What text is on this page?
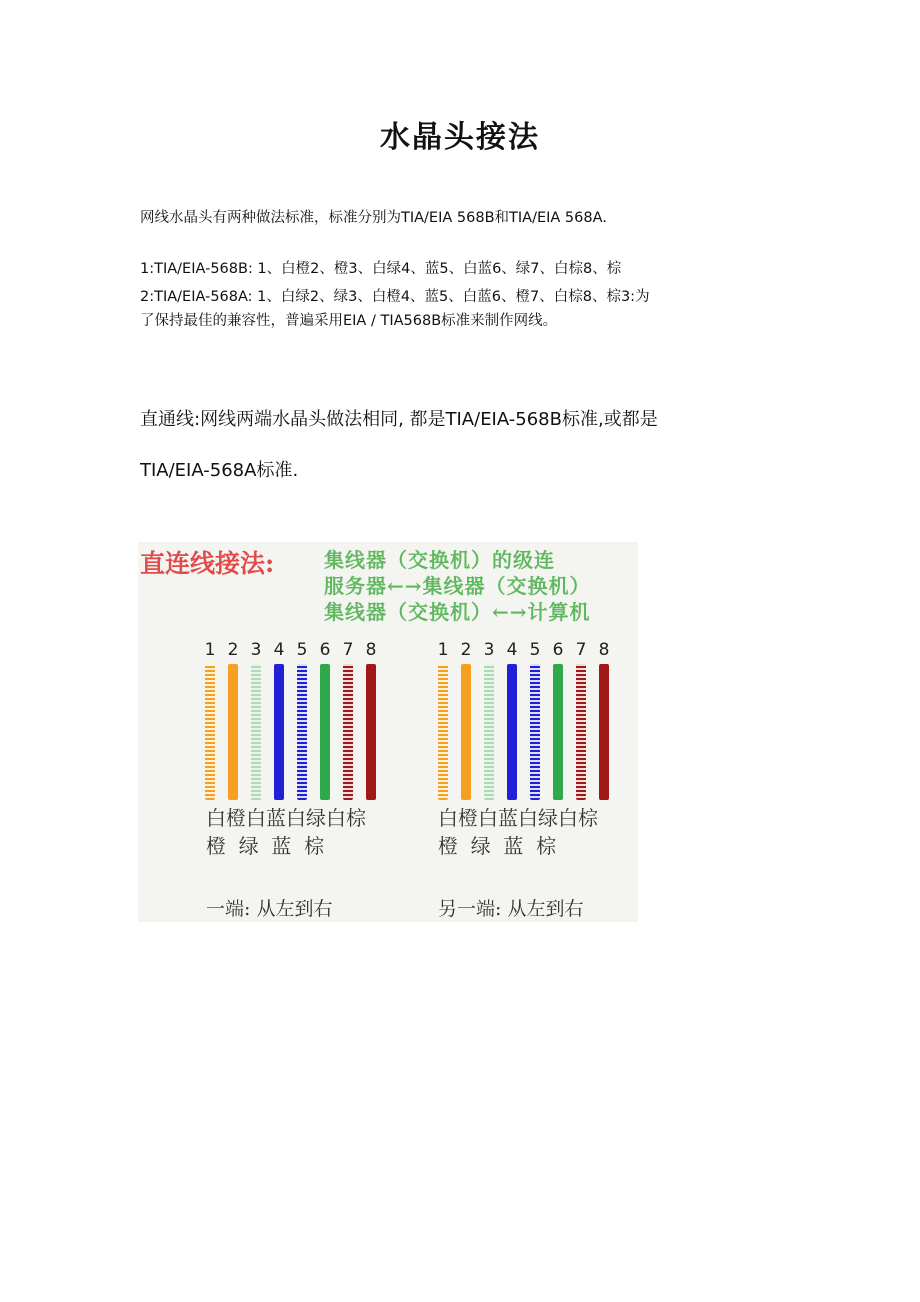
水晶头接法
网线水晶头有两种做法标准，标准分别为TIA/EIA 568B和TIA/EIA 568A.
1:TIA/EIA-568B: 1、白橙2、橙3、白绿4、蓝5、白蓝6、绿7、白棕8、棕
2:TIA/EIA-568A: 1、白绿2、绿3、白橙4、蓝5、白蓝6、橙7、白棕8、棕3:为
了保持最佳的兼容性，普遍采用EIA / TIA568B标准来制作网线。
直通线:网线两端水晶头做法相同, 都是TIA/EIA-568B标准,或都是
TIA/EIA-568A标准.
直连线接法: 集线器（交换机）的级连
服务器←→集线器（交换机）
集线器（交换机）←→计算机
1 2 3 4 5 6 7 8
白橙白蓝白绿白棕
橙  绿  蓝  棕
一端: 从左到右
1 2 3 4 5 6 7 8
白橙白蓝白绿白棕
橙  绿  蓝  棕
另一端: 从左到右
